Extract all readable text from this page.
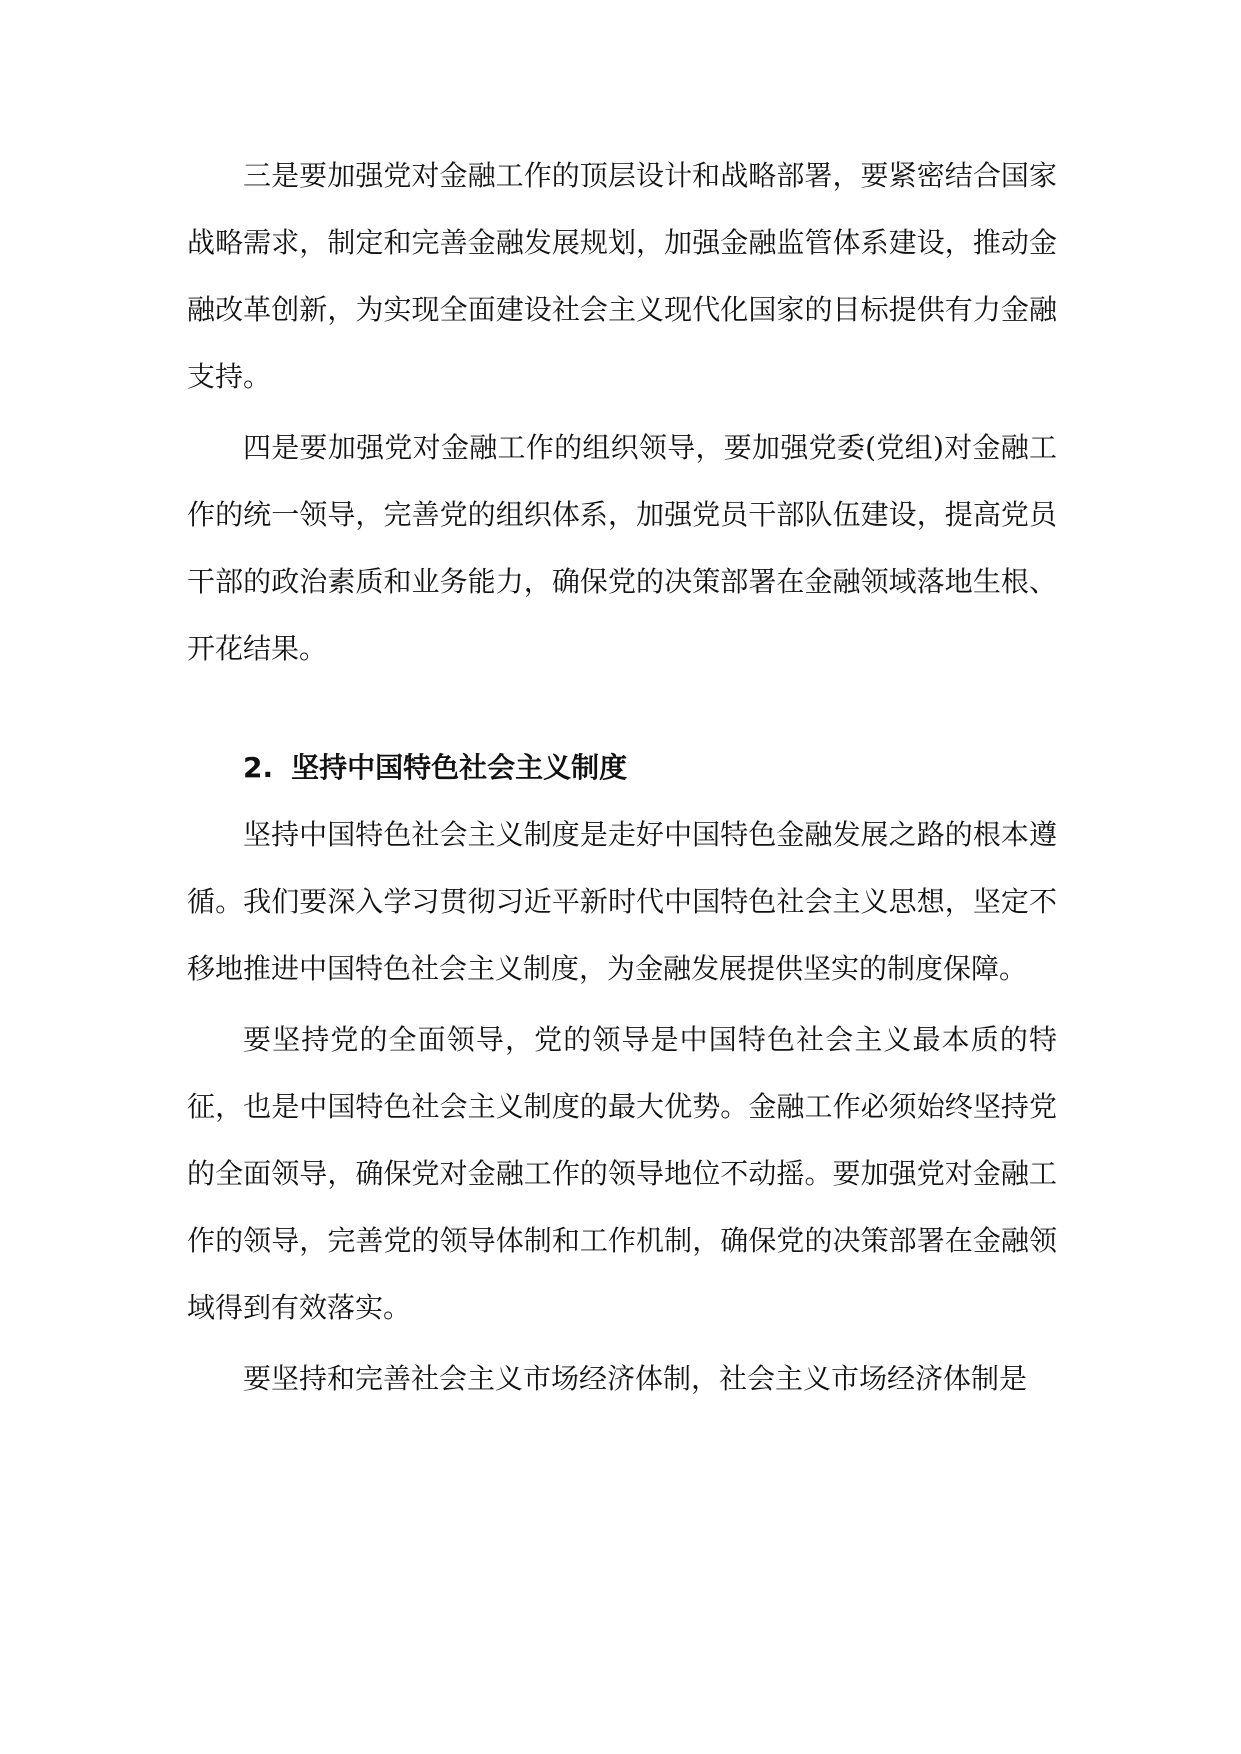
三是要加强党对金融工作的顶层设计和战略部署，要紧密结合国家战略需求，制定和完善金融发展规划，加强金融监管体系建设，推动金融改革创新，为实现全面建设社会主义现代化国家的目标提供有力金融支持。

四是要加强党对金融工作的组织领导，要加强党委(党组)对金融工作的统一领导，完善党的组织体系，加强党员干部队伍建设，提高党员干部的政治素质和业务能力，确保党的决策部署在金融领域落地生根、开花结果。

2. 坚持中国特色社会主义制度

坚持中国特色社会主义制度是走好中国特色金融发展之路的根本遵循。我们要深入学习贯彻习近平新时代中国特色社会主义思想，坚定不移地推进中国特色社会主义制度，为金融发展提供坚实的制度保障。

要坚持党的全面领导，党的领导是中国特色社会主义最本质的特征，也是中国特色社会主义制度的最大优势。金融工作必须始终坚持党的全面领导，确保党对金融工作的领导地位不动摇。要加强党对金融工作的领导，完善党的领导体制和工作机制，确保党的决策部署在金融领域得到有效落实。

要坚持和完善社会主义市场经济体制，社会主义市场经济体制是
